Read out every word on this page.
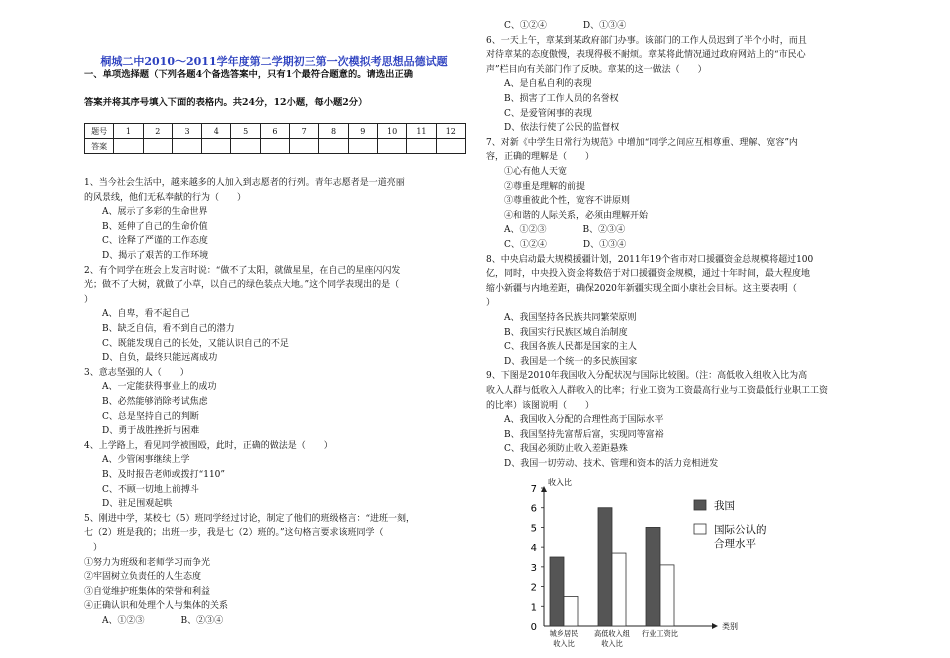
桐城二中2010～2011学年度第二学期初三第一次模拟考思想品德试题
一、单项选择题（下列各题4个备选答案中，只有1个最符合题意的。请选出正确
答案并将其序号填入下面的表格内。共24分，12小题，每小题2分）
题号	1	2	3	4	5	6	7	8	9	10	11	12
答案												
1、当今社会生活中，越来越多的人加入到志愿者的行列。青年志愿者是一道亮丽
的风景线，他们无私奉献的行为（　　）
　　A、展示了多彩的生命世界
　　B、延伸了自己的生命价值
　　C、诠释了严谨的工作态度
　　D、揭示了艰苦的工作环境
2、有个同学在班会上发言时说：“做不了太阳，就做星星，在自己的星座闪闪发
光；做不了大树，就做了小草，以自己的绿色装点大地。”这个同学表现出的是（
）
　　A、自卑，看不起自己
　　B、缺乏自信，看不到自己的潜力
　　C、既能发现自己的长处，又能认识自己的不足
　　D、自负，最终只能远离成功
3、意志坚强的人（　　）
　　A、一定能获得事业上的成功
　　B、必然能够消除考试焦虑
　　C、总是坚持自己的判断
　　D、勇于战胜挫折与困难
4、上学路上，看见同学被围殴，此时，正确的做法是（　　）
　　A、少管闲事继续上学
　　B、及时报告老师或拨打“110”
　　C、不顾一切地上前搏斗
　　D、驻足围观起哄
5、刚进中学，某校七（5）班同学经过讨论，制定了他们的班级格言：“进班一刻，
七（2）班是我的；出班一步，我是七（2）班的。”这句格言要求该班同学（
　）
①努力为班级和老师学习而争光
②牢固树立负责任的人生态度
③自觉维护班集体的荣誉和利益
④正确认识和处理个人与集体的关系
　　A、①②③　　　　B、②③④
　　C、①②④　　　　D、①③④
6、一天上午，章某到某政府部门办事。该部门的工作人员迟到了半个小时，而且
对待章某的态度傲慢，表现得极不耐烦。章某将此情况通过政府网站上的“市民心
声”栏目向有关部门作了反映。章某的这一做法（　　）
　　A、是自私自利的表现
　　B、损害了工作人员的名誉权
　　C、是爱管闲事的表现
　　D、依法行使了公民的监督权
7、对新《中学生日常行为规范》中增加“同学之间应互相尊重、理解、宽容”内
容，正确的理解是（　　）
　　①心有他人天宽
　　②尊重是理解的前提
　　③尊重彼此个性，宽容不讲原则
　　④和谐的人际关系，必须由理解开始
　　A、①②③　　　　B、②③④
　　C、①②④　　　　D、①③④
8、中央启动最大规模援疆计划，2011年19个省市对口援疆资金总规模将超过100
亿，同时，中央投入资金将数倍于对口援疆资金规模，通过十年时间，最大程度地
缩小新疆与内地差距，确保2020年新疆实现全面小康社会目标。这主要表明（
）
　　A、我国坚持各民族共同繁荣原则
　　B、我国实行民族区域自治制度
　　C、我国各族人民都是国家的主人
　　D、我国是一个统一的多民族国家
9、下图是2010年我国收入分配状况与国际比较图。（注：高低收入组收入比为高
收入人群与低收入人群收入的比率；行业工资为工资最高行业与工资最低行业职工工资
的比率）该图说明（　　）
　　A、我国收入分配的合理性高于国际水平
　　B、我国坚持先富帮后富，实现同等富裕
　　C、我国必须防止收入差距悬殊
　　D、我国一切劳动、技术、管理和资本的活力竞相迸发
收入比
类别
0
1
2
3
4
5
6
7
城乡居民
收入比
高低收入组
收入比
行业工资比
我国
国际公认的
合理水平
